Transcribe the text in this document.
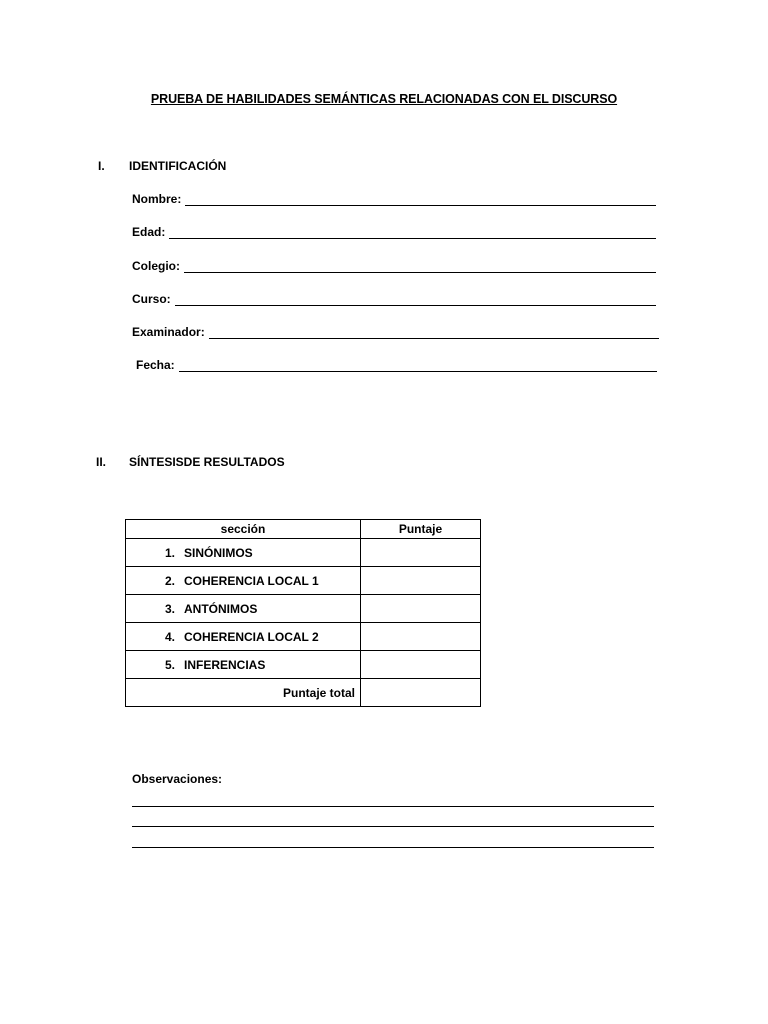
PRUEBA DE HABILIDADES SEMÁNTICAS RELACIONADAS CON EL DISCURSO
I. IDENTIFICACIÓN
Nombre:
Edad:
Colegio:
Curso:
Examinador:
Fecha:
II. SÍNTESISDE RESULTADOS
sección	Puntaje
1. SINÓNIMOS	
2. COHERENCIA LOCAL 1	
3. ANTÓNIMOS	
4. COHERENCIA LOCAL 2	
5. INFERENCIAS	
Puntaje total	
Observaciones:
